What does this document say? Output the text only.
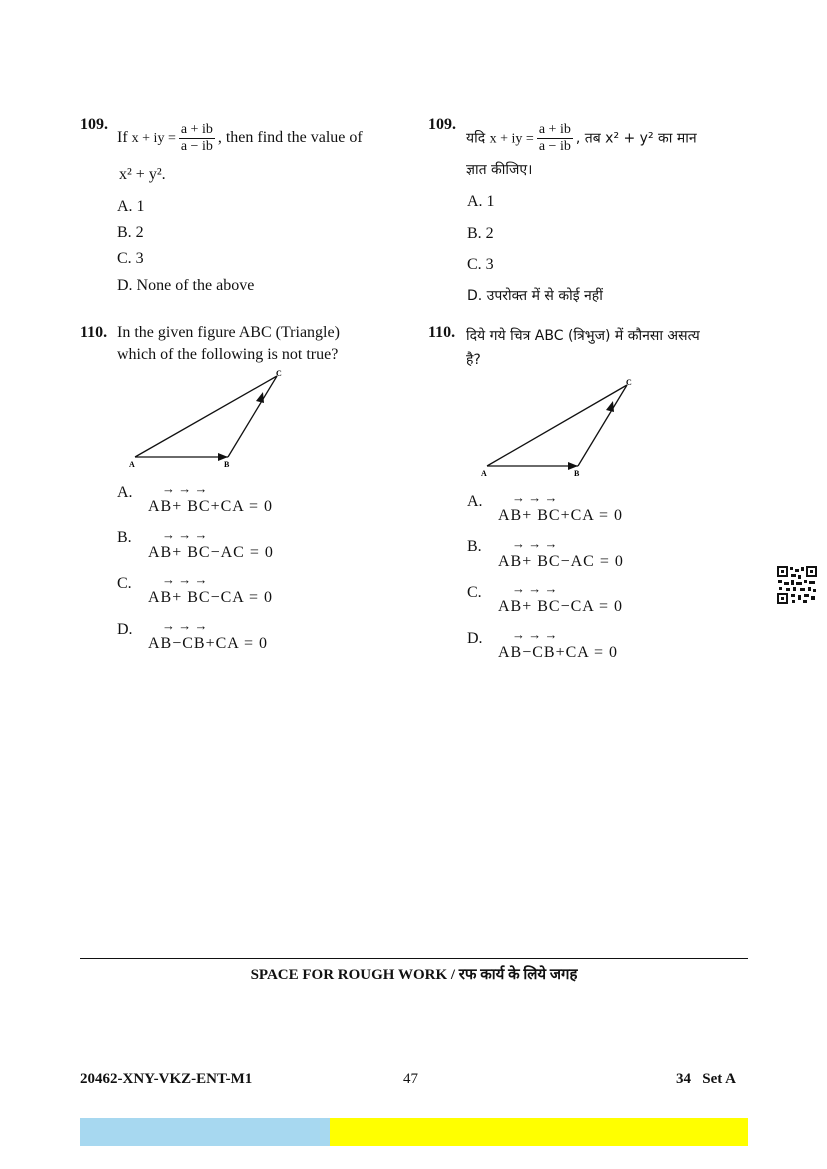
109.
If x + iy = $\frac{a + ib}{a - ib}$ , then find the value of
x² + y².
A. 1
B. 2
C. 3
D. None of the above
109.
यदि x + iy = $\frac{a + ib}{a - ib}$ , तब x² + y² का मान
ज्ञात कीजिए।
A. 1
B. 2
C. 3
D. उपरोक्त में से कोई नहीं
110. In the given figure ABC (Triangle)
which of the following is not true?
A	B
C
A. → → →
AB+ BC+CA = 0
B. → → →
AB+ BC−AC = 0
C. → → →
AB+ BC−CA = 0
D. → → →
AB−CB+CA = 0
110. दिये गये चित्र ABC (त्रिभुज) में कौनसा असत्य
है?
A	B
C
A. → → →
AB+ BC+CA = 0
B. → → →
AB+ BC−AC = 0
C. → → →
AB+ BC−CA = 0
D. → → →
AB−CB+CA = 0
SPACE FOR ROUGH WORK / रफ कार्य के लिये जगह
20462-XNY-VKZ-ENT-M1	47	34   Set A
